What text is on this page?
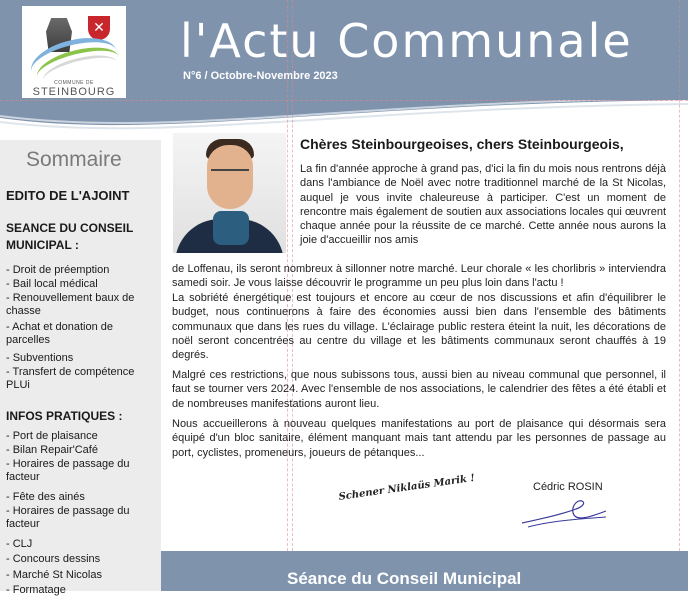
✕
COMMUNE DE
STEINBOURG
l'Actu Communale
N°6 / Octobre-Novembre 2023
Sommaire
EDITO DE L'AJOINT
SEANCE DU CONSEIL MUNICIPAL :
- Droit de préemption
- Bail local médical
- Renouvellement baux de chasse
- Achat et donation de parcelles
- Subventions
- Transfert de compétence PLUi
INFOS PRATIQUES :
- Port de plaisance
- Bilan Repair'Café
- Horaires de passage du facteur
- Fête des ainés
- Horaires de passage du facteur
- CLJ
- Concours dessins
- Marché St Nicolas
- Formatage
Chères Steinbourgeoises, chers Steinbourgeois,
La fin d'année approche à grand pas, d'ici la fin du mois nous rentrons déjà dans l'ambiance de Noël avec notre traditionnel marché de la St Nicolas, auquel je vous invite chaleureuse à participer. C'est un moment de rencontre mais également de soutien aux associations locales qui œuvrent chaque année pour la réussite de ce marché. Cette année nous aurons la joie d'accueillir nos amis
de Loffenau, ils seront nombreux à sillonner notre marché. Leur chorale « les chorlibris » interviendra samedi soir. Je vous laisse découvrir le programme un peu plus loin dans l'actu !
La sobriété énergétique est toujours et encore au cœur de nos discussions et afin d'équilibrer le budget, nous continuerons à faire des économies aussi bien dans l'ensemble des bâtiments communaux que dans les rues du village. L'éclairage public restera éteint la nuit, les décorations de noël seront concentrées au centre du village et les bâtiments communaux seront chauffés à 19 degrés.
Malgré ces restrictions, que nous subissons tous, aussi bien au niveau communal que personnel, il faut se tourner vers 2024. Avec l'ensemble de nos associations, le calendrier des fêtes a été établi et de nombreuses manifestations auront lieu.
Nous accueillerons à nouveau quelques manifestations au port de plaisance qui désormais sera équipé d'un bloc sanitaire, élément manquant mais tant attendu par les personnes de passage au port, cyclistes, promeneurs, joueurs de pétanques...
Schener Niklaüs Marik !	Cédric ROSIN
Séance du Conseil Municipal
